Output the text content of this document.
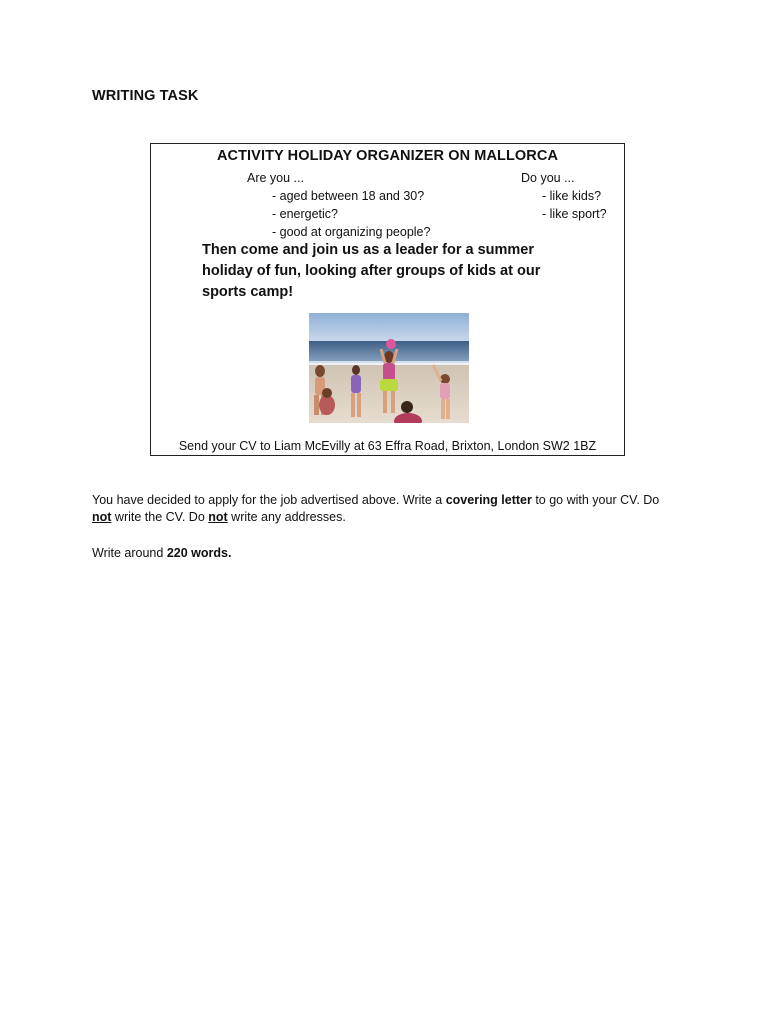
WRITING TASK
ACTIVITY HOLIDAY ORGANIZER ON MALLORCA
Are you ...
- aged between 18 and 30?
- energetic?
- good at organizing people?
Do you ...
- like kids?
- like sport?
Then come and join us as a leader for a summer
holiday of fun, looking after groups of kids at our
sports camp!
Send your CV to Liam McEvilly at 63 Effra Road, Brixton, London SW2 1BZ

You have decided to apply for the job advertised above. Write a covering letter to go with your CV. Do not write the CV. Do not write any addresses.

Write around 220 words.
